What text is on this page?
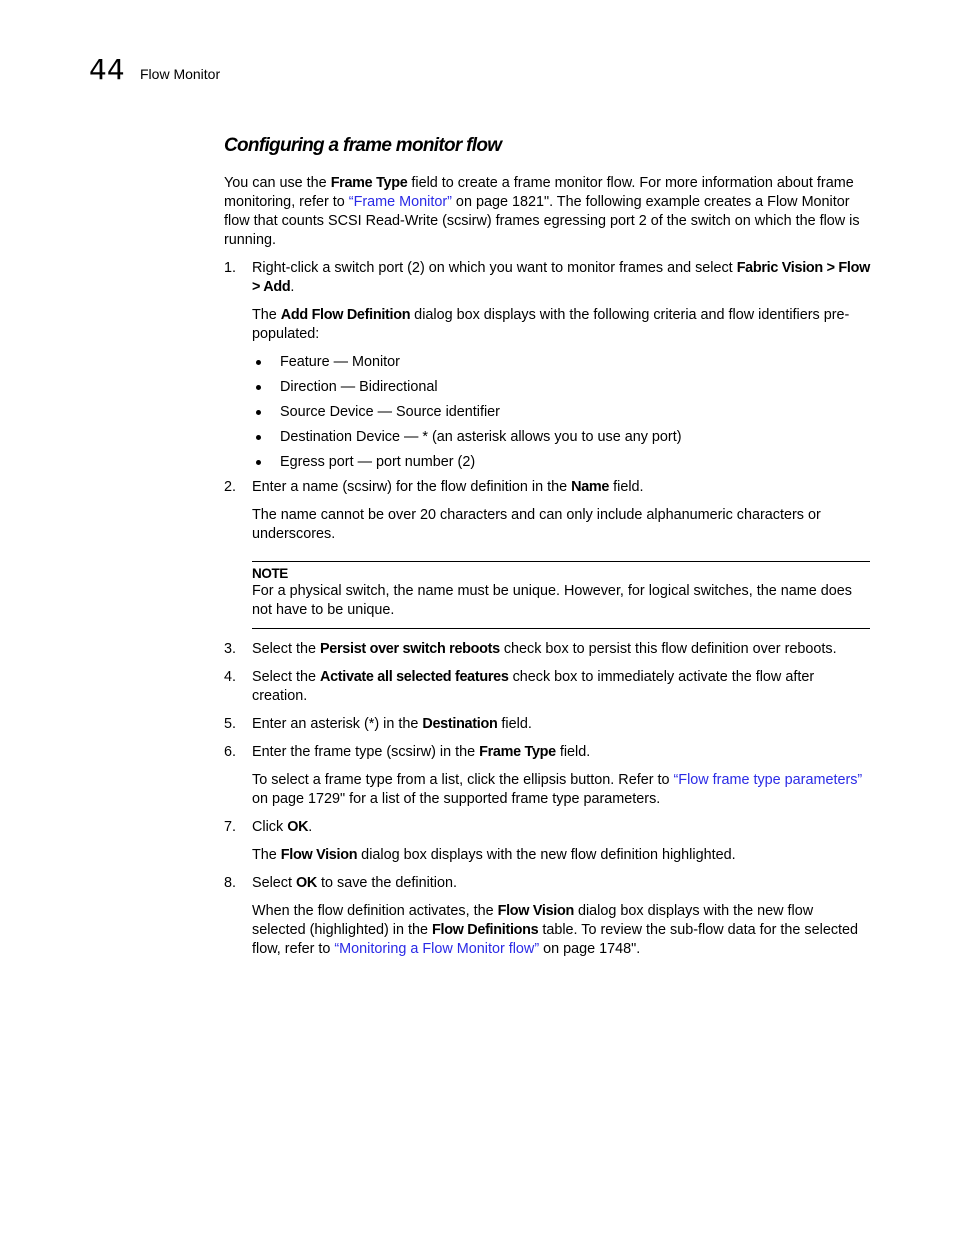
44 Flow Monitor
Configuring a frame monitor flow

You can use the Frame Type field to create a frame monitor flow. For more information about frame monitoring, refer to “Frame Monitor” on page 1821". The following example creates a Flow Monitor flow that counts SCSI Read-Write (scsirw) frames egressing port 2 of the switch on which the flow is running.

1. Right-click a switch port (2) on which you want to monitor frames and select Fabric Vision > Flow > Add.

The Add Flow Definition dialog box displays with the following criteria and flow identifiers pre-populated:

Feature — Monitor
Direction — Bidirectional
Source Device — Source identifier
Destination Device — * (an asterisk allows you to use any port)
Egress port — port number (2)

2. Enter a name (scsirw) for the flow definition in the Name field.

The name cannot be over 20 characters and can only include alphanumeric characters or underscores.

NOTE

For a physical switch, the name must be unique. However, for logical switches, the name does not have to be unique.

3. Select the Persist over switch reboots check box to persist this flow definition over reboots.

4. Select the Activate all selected features check box to immediately activate the flow after creation.

5. Enter an asterisk (*) in the Destination field.

6. Enter the frame type (scsirw) in the Frame Type field.

To select a frame type from a list, click the ellipsis button. Refer to “Flow frame type parameters” on page 1729" for a list of the supported frame type parameters.

7. Click OK.

The Flow Vision dialog box displays with the new flow definition highlighted.

8. Select OK to save the definition.

When the flow definition activates, the Flow Vision dialog box displays with the new flow selected (highlighted) in the Flow Definitions table. To review the sub-flow data for the selected flow, refer to “Monitoring a Flow Monitor flow” on page 1748".
